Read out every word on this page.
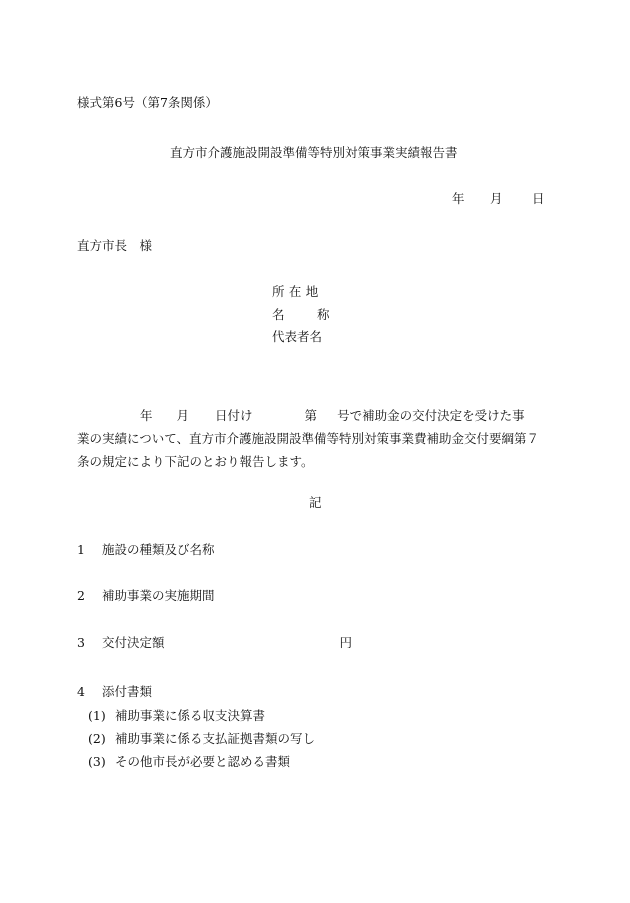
様式第6号（第7条関係）
直方市介護施設開設準備等特別対策事業実績報告書
年 月 日
直方市長　様
所在地
名称
代表者名
年 月 日付け	第 号で補助金の交付決定を受けた事
業の実績について、直方市介護施設開設準備等特別対策事業費補助金交付要綱第７
条の規定により下記のとおり報告します。
記
1 施設の種類及び名称
2 補助事業の実施期間
3 交付決定額	円
4 添付書類
(1) 補助事業に係る収支決算書
(2) 補助事業に係る支払証拠書類の写し
(3) その他市長が必要と認める書類
